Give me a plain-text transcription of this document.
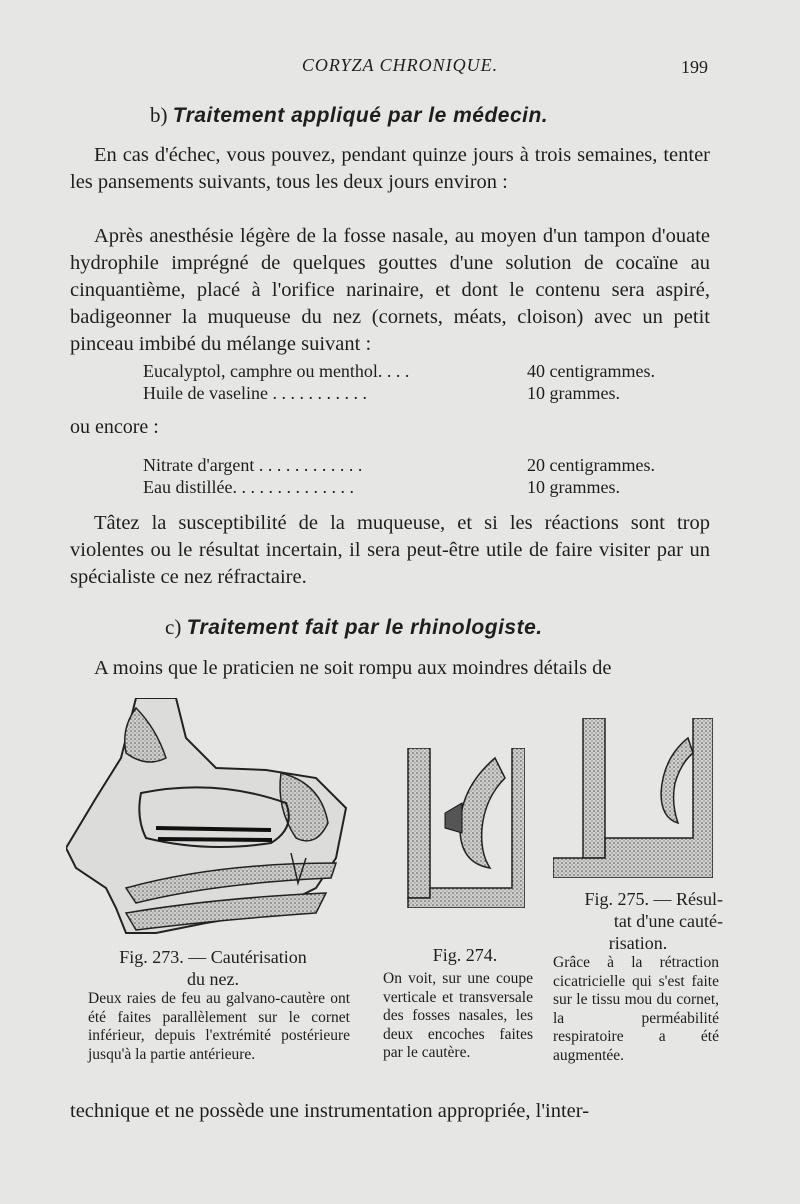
CORYZA CHRONIQUE.	199
b) Traitement appliqué par le médecin.
En cas d'échec, vous pouvez, pendant quinze jours à trois semaines, tenter les pansements suivants, tous les deux jours environ :
Après anesthésie légère de la fosse nasale, au moyen d'un tampon d'ouate hydrophile imprégné de quelques gouttes d'une solution de cocaïne au cinquantième, placé à l'orifice narinaire, et dont le contenu sera aspiré, badigeonner la muqueuse du nez (cornets, méats, cloison) avec un petit pinceau imbibé du mélange suivant :
Eucalyptol, camphre ou menthol. . . .	40 centigrammes.
Huile de vaseline . . . . . . . . . . .	10 grammes.
ou encore :
Nitrate d'argent . . . . . . . . . . . .	20 centigrammes.
Eau distillée. . . . . . . . . . . . . .	10 grammes.
Tâtez la susceptibilité de la muqueuse, et si les réactions sont trop violentes ou le résultat incertain, il sera peut-être utile de faire visiter par un spécialiste ce nez réfractaire.
c) Traitement fait par le rhinologiste.
A moins que le praticien ne soit rompu aux moindres détails de
Fig. 273. — Cautérisation
du nez.
Deux raies de feu au galvano-cautère ont été faites parallèlement sur le cornet inférieur, depuis l'extrémité postérieure jusqu'à la partie antérieure.
Fig. 274.
On voit, sur une coupe verticale et transversale des fosses nasales, les deux encoches faites par le cautère.
Fig. 275. — Résul-
tat d'une cauté-
risation.
Grâce à la rétraction cicatricielle qui s'est faite sur le tissu mou du cornet, la perméabilité respiratoire a été augmentée.
technique et ne possède une instrumentation appropriée, l'inter-
